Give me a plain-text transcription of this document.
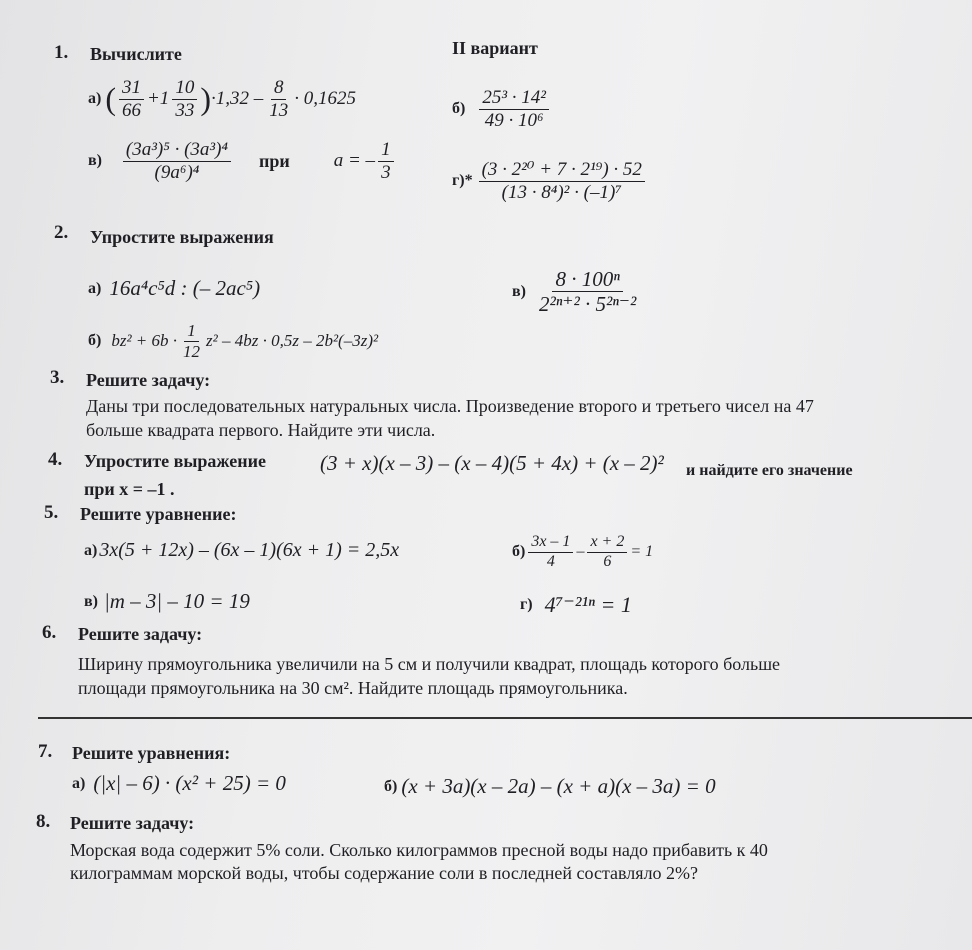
II вариант
1. Вычислите
а) ( $\frac{31}{66} +1 \frac{10}{33} )\cdot 1,32 - \frac{8}{13} \cdot 0,1625$
$б) \frac{\text{25³ · 14²}}{\text{49 · 10⁶}}$
$в) \frac{\text{(3a³)⁵ · (3a³)⁴}}{\text{(9a⁶)⁴}}$ при a = – $\frac{1}{3}$	$г)* \frac{\text{(3 · 2²⁰ + 7 · 2¹⁹) · 52}}{\text{(13 · 8⁴)² · (–1)⁷}}$
2. Упростите выражения
а) 16a⁴c⁵d : (– 2ac⁵)	$в) \frac{\text{8 · 100ⁿ}}{\text{2²ⁿ⁺² · 5²ⁿ⁻²}}$
б) $bz^2 + 6b \cdot \frac{1}{12} z^2 - 4bz \cdot 0,5z - 2b^2(-3z)^2$
3. Решите задачу:
Даны три последовательных натуральных числа. Произведение второго и третьего чисел на 47
больше квадрата первого. Найдите эти числа.
4. Упростите выражение	(3 + x)(x – 3) – (x – 4)(5 + 4x) + (x – 2)² и найдите его значение
при x = –1 .
5. Решите уравнение:
а) 3x(5 + 12x) – (6x – 1)(6x + 1) = 2,5x	$б) \frac{3x - 1}{4} - \frac{x + 2}{6} = 1$
в) |m – 3| – 10 = 19	г) 4⁷⁻²¹ⁿ = 1
6. Решите задачу:
Ширину прямоугольника увеличили на 5 см и получили квадрат, площадь которого больше
площади прямоугольника на 30 см². Найдите площадь прямоугольника.
7. Решите уравнения:
а) (|x| – 6) · (x² + 25) = 0	б) (x + 3a)(x – 2a) – (x + a)(x – 3a) = 0
8. Решите задачу:
Морская вода содержит 5% соли. Сколько килограммов пресной воды надо прибавить к 40
килограммам морской воды, чтобы содержание соли в последней составляло 2%?
